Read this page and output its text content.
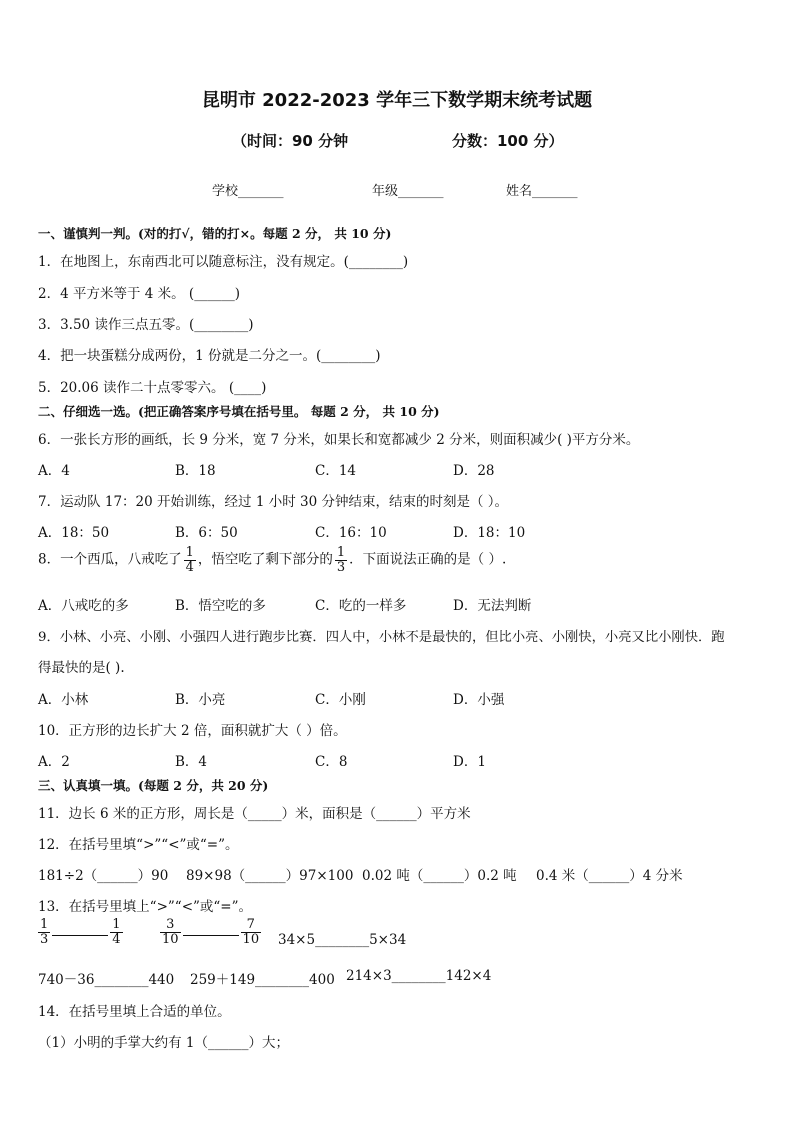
昆明市 2022-2023 学年三下数学期末统考试题
（时间：90 分钟	分数：100 分）
学校_______	年级_______	姓名_______
一、谨慎判一判。(对的打√，错的打×。每题 2 分， 共 10 分)
1．在地图上，东南西北可以随意标注，没有规定。(________)
2．4 平方米等于 4 米。 (______)
3．3.50 读作三点五零。(________)
4．把一块蛋糕分成两份，1 份就是二分之一。(________)
5．20.06 读作二十点零零六。 (____)
二、仔细选一选。(把正确答案序号填在括号里。 每题 2 分， 共 10 分)
6．一张长方形的画纸，长 9 分米，宽 7 分米，如果长和宽都减少 2 分米，则面积减少( )平方分米。
A．4	B．18	C．14	D．28
7．运动队 17：20 开始训练，经过 1 小时 30 分钟结束，结束的时刻是（ ）。
A．18：50	B．6：50	C．16：10	D．18：10
8．一个西瓜，八戒吃了 $\frac{1}{4}$ ，悟空吃了剩下部分的 $\frac{1}{3}$ ．下面说法正确的是（ ）.
A．八戒吃的多	B．悟空吃的多	C．吃的一样多	D．无法判断
9．小林、小亮、小刚、小强四人进行跑步比赛．四人中，小林不是最快的，但比小亮、小刚快，小亮又比小刚快．跑
得最快的是( ).
A．小林	B．小亮	C．小刚	D．小强
10．正方形的边长扩大 2 倍，面积就扩大（ ）倍。
A．2	B．4	C．8	D．1
三、认真填一填。(每题 2 分，共 20 分)
11．边长 6 米的正方形，周长是（_____）米，面积是（______）平方米
12．在括号里填“>”“<”或“=”。
181÷2（______）90 89×98（______）97×100 0.02 吨（______）0.2 吨 0.4 米（______）4 分米
13．在括号里填上“>”“<”或“=”。
$\frac{1}{3}$	$\frac{1}{4}$	$\frac{3}{10}$	$\frac{7}{10}$ 34×5________5×34
740－36________440 259＋149________400 214×3________142×4
14．在括号里填上合适的单位。
（1）小明的手掌大约有 1（______）大；
